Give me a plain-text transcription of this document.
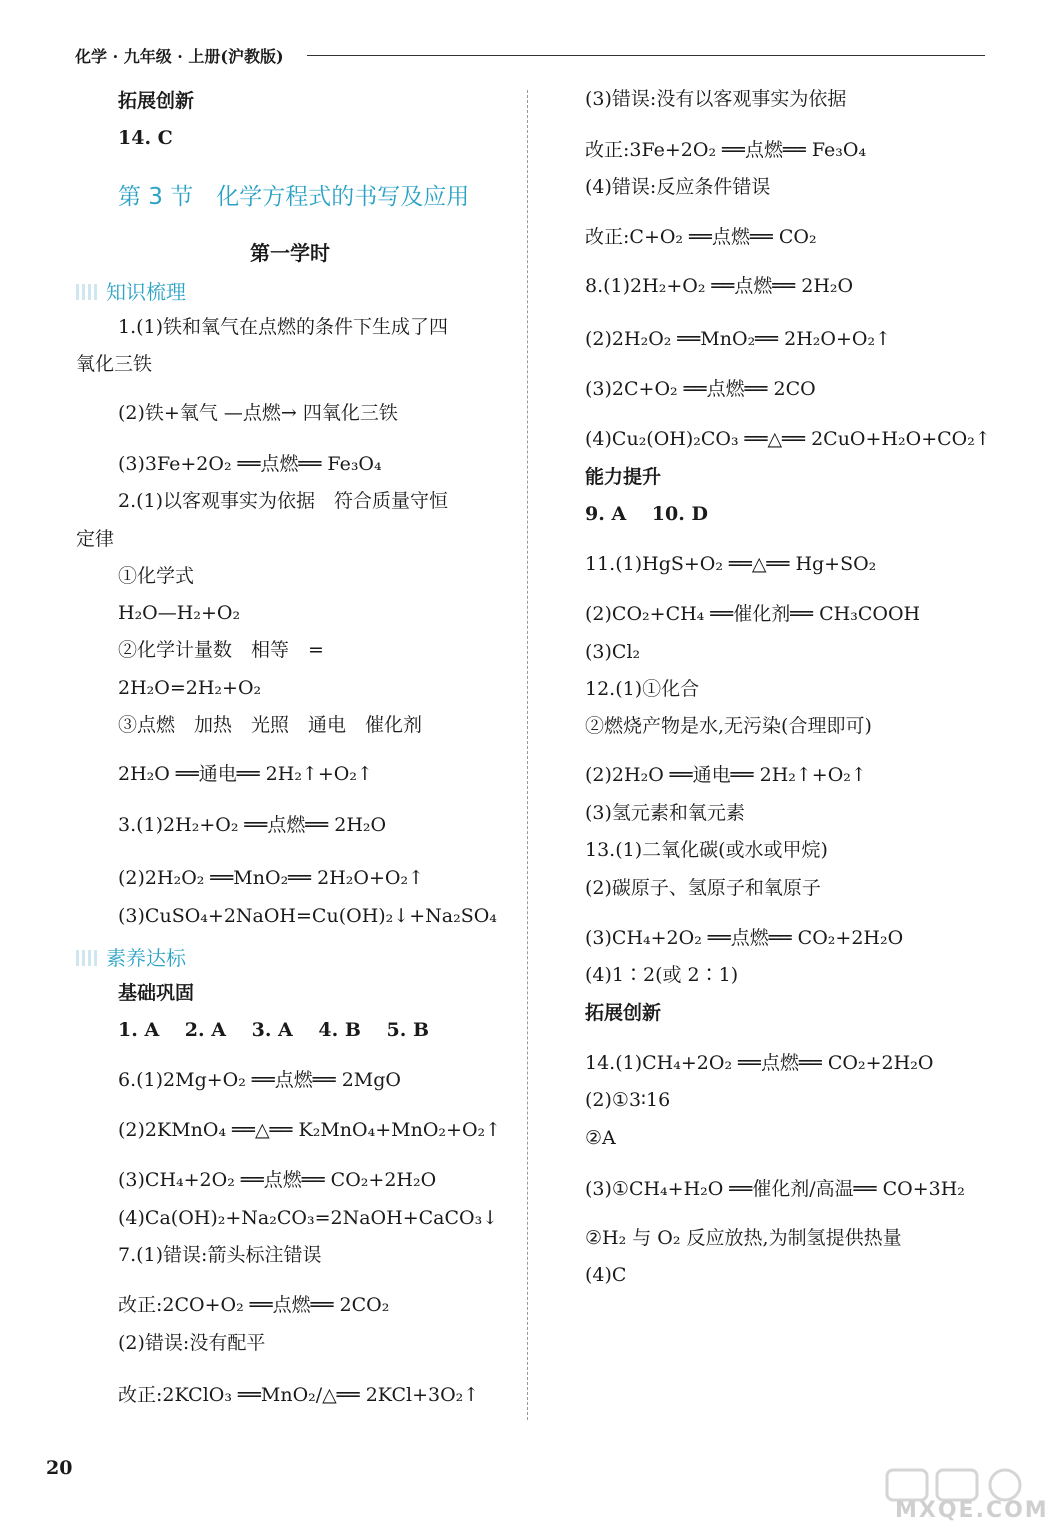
化学 · 九年级 · 上册(沪教版)
拓展创新
14. C
第 3 节　化学方程式的书写及应用
第一学时
知识梳理
1.(1)铁和氧气在点燃的条件下生成了四
氧化三铁
(2)铁+氧气 —点燃→ 四氧化三铁
(3)3Fe+2O₂ ══点燃══ Fe₃O₄
2.(1)以客观事实为依据　符合质量守恒
定律
①化学式
H₂O—H₂+O₂
②化学计量数　相等　=
2H₂O=2H₂+O₂
③点燃　加热　光照　通电　催化剂
2H₂O ══通电══ 2H₂↑+O₂↑
3.(1)2H₂+O₂ ══点燃══ 2H₂O
(2)2H₂O₂ ══MnO₂══ 2H₂O+O₂↑
(3)CuSO₄+2NaOH=Cu(OH)₂↓+Na₂SO₄
素养达标
基础巩固
1. A　 2. A　 3. A　 4. B　 5. B
6.(1)2Mg+O₂ ══点燃══ 2MgO
(2)2KMnO₄ ══△══ K₂MnO₄+MnO₂+O₂↑
(3)CH₄+2O₂ ══点燃══ CO₂+2H₂O
(4)Ca(OH)₂+Na₂CO₃=2NaOH+CaCO₃↓
7.(1)错误:箭头标注错误
改正:2CO+O₂ ══点燃══ 2CO₂
(2)错误:没有配平
改正:2KClO₃ ══MnO₂/△══ 2KCl+3O₂↑
(3)错误:没有以客观事实为依据
改正:3Fe+2O₂ ══点燃══ Fe₃O₄
(4)错误:反应条件错误
改正:C+O₂ ══点燃══ CO₂
8.(1)2H₂+O₂ ══点燃══ 2H₂O
(2)2H₂O₂ ══MnO₂══ 2H₂O+O₂↑
(3)2C+O₂ ══点燃══ 2CO
(4)Cu₂(OH)₂CO₃ ══△══ 2CuO+H₂O+CO₂↑
能力提升
9. A　 10. D
11.(1)HgS+O₂ ══△══ Hg+SO₂
(2)CO₂+CH₄ ══催化剂══ CH₃COOH
(3)Cl₂
12.(1)①化合
②燃烧产物是水,无污染(合理即可)
(2)2H₂O ══通电══ 2H₂↑+O₂↑
(3)氢元素和氧元素
13.(1)二氧化碳(或水或甲烷)
(2)碳原子、氢原子和氧原子
(3)CH₄+2O₂ ══点燃══ CO₂+2H₂O
(4)1∶2(或 2∶1)
拓展创新
14.(1)CH₄+2O₂ ══点燃══ CO₂+2H₂O
(2)①3∶16
②A
(3)①CH₄+H₂O ══催化剂/高温══ CO+3H₂
②H₂ 与 O₂ 反应放热,为制氢提供热量
(4)C
20
MXQE.COM
